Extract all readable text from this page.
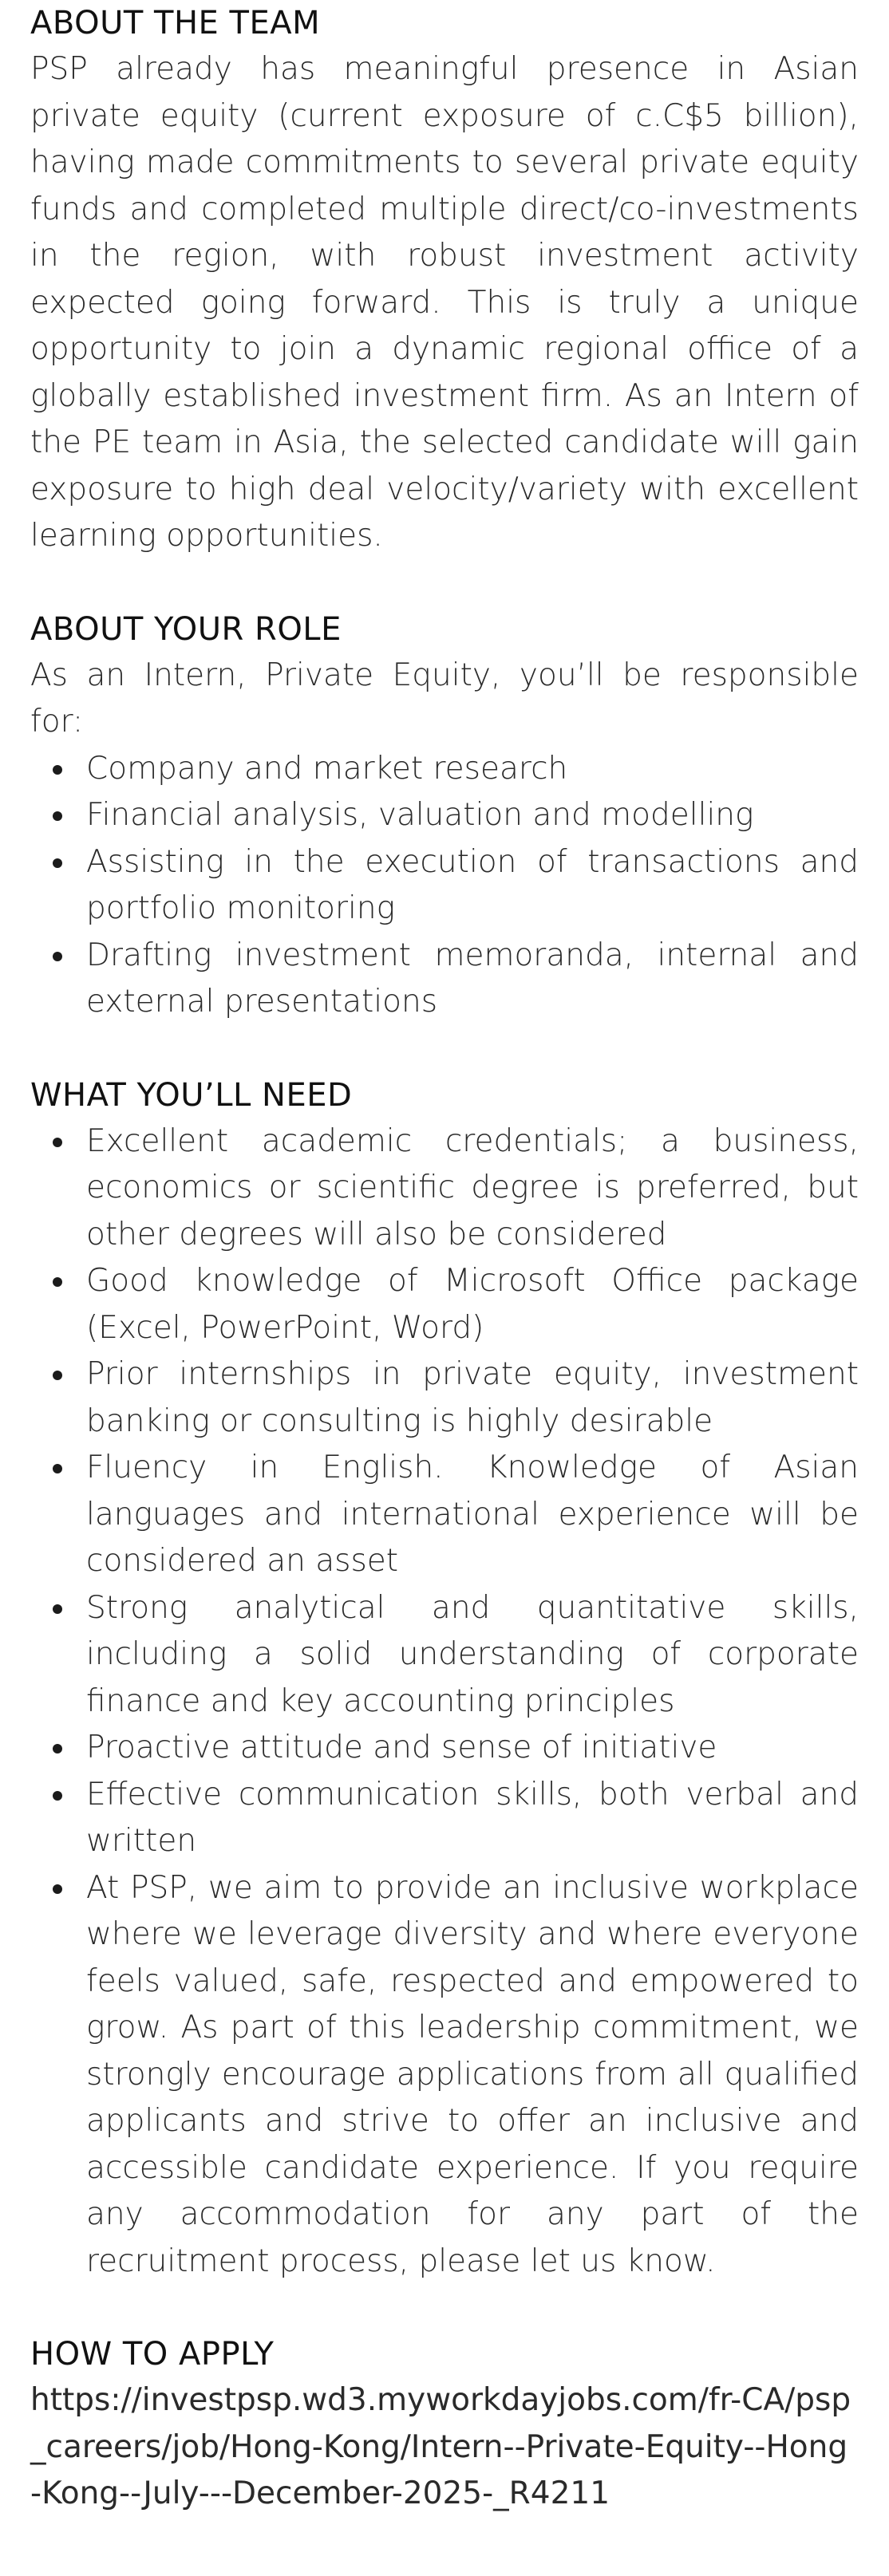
ABOUT THE TEAM

PSP already has meaningful presence in Asian private equity (current exposure of c.C$5 billion), having made commitments to several private equity funds and completed multiple direct/co-investments in the region, with robust investment activity expected going forward. This is truly a unique opportunity to join a dynamic regional office of a globally established investment firm. As an Intern of the PE team in Asia, the selected candidate will gain exposure to high deal velocity/variety with excellent learning opportunities.

ABOUT YOUR ROLE

As an Intern, Private Equity, you’ll be responsible for:

Company and market research
Financial analysis, valuation and modelling
Assisting in the execution of transactions and portfolio monitoring
Drafting investment memoranda, internal and external presentations
WHAT YOU’LL NEED
Excellent academic credentials; a business, economics or scientific degree is preferred, but other degrees will also be considered
Good knowledge of Microsoft Office package (Excel, PowerPoint, Word)
Prior internships in private equity, investment banking or consulting is highly desirable
Fluency in English. Knowledge of Asian languages and international experience will be considered an asset
Strong analytical and quantitative skills, including a solid understanding of corporate finance and key accounting principles
Proactive attitude and sense of initiative
Effective communication skills, both verbal and written
At PSP, we aim to provide an inclusive workplace where we leverage diversity and where everyone feels valued, safe, respected and empowered to grow. As part of this leadership commitment, we strongly encourage applications from all qualified applicants and strive to offer an inclusive and accessible candidate experience. If you require any accommodation for any part of the recruitment process, please let us know.
HOW TO APPLY

https://investpsp.wd3.myworkdayjobs.com/fr-CA/psp_careers/job/Hong-Kong/Intern--Private-Equity--Hong-Kong--July---December-2025-_R4211
